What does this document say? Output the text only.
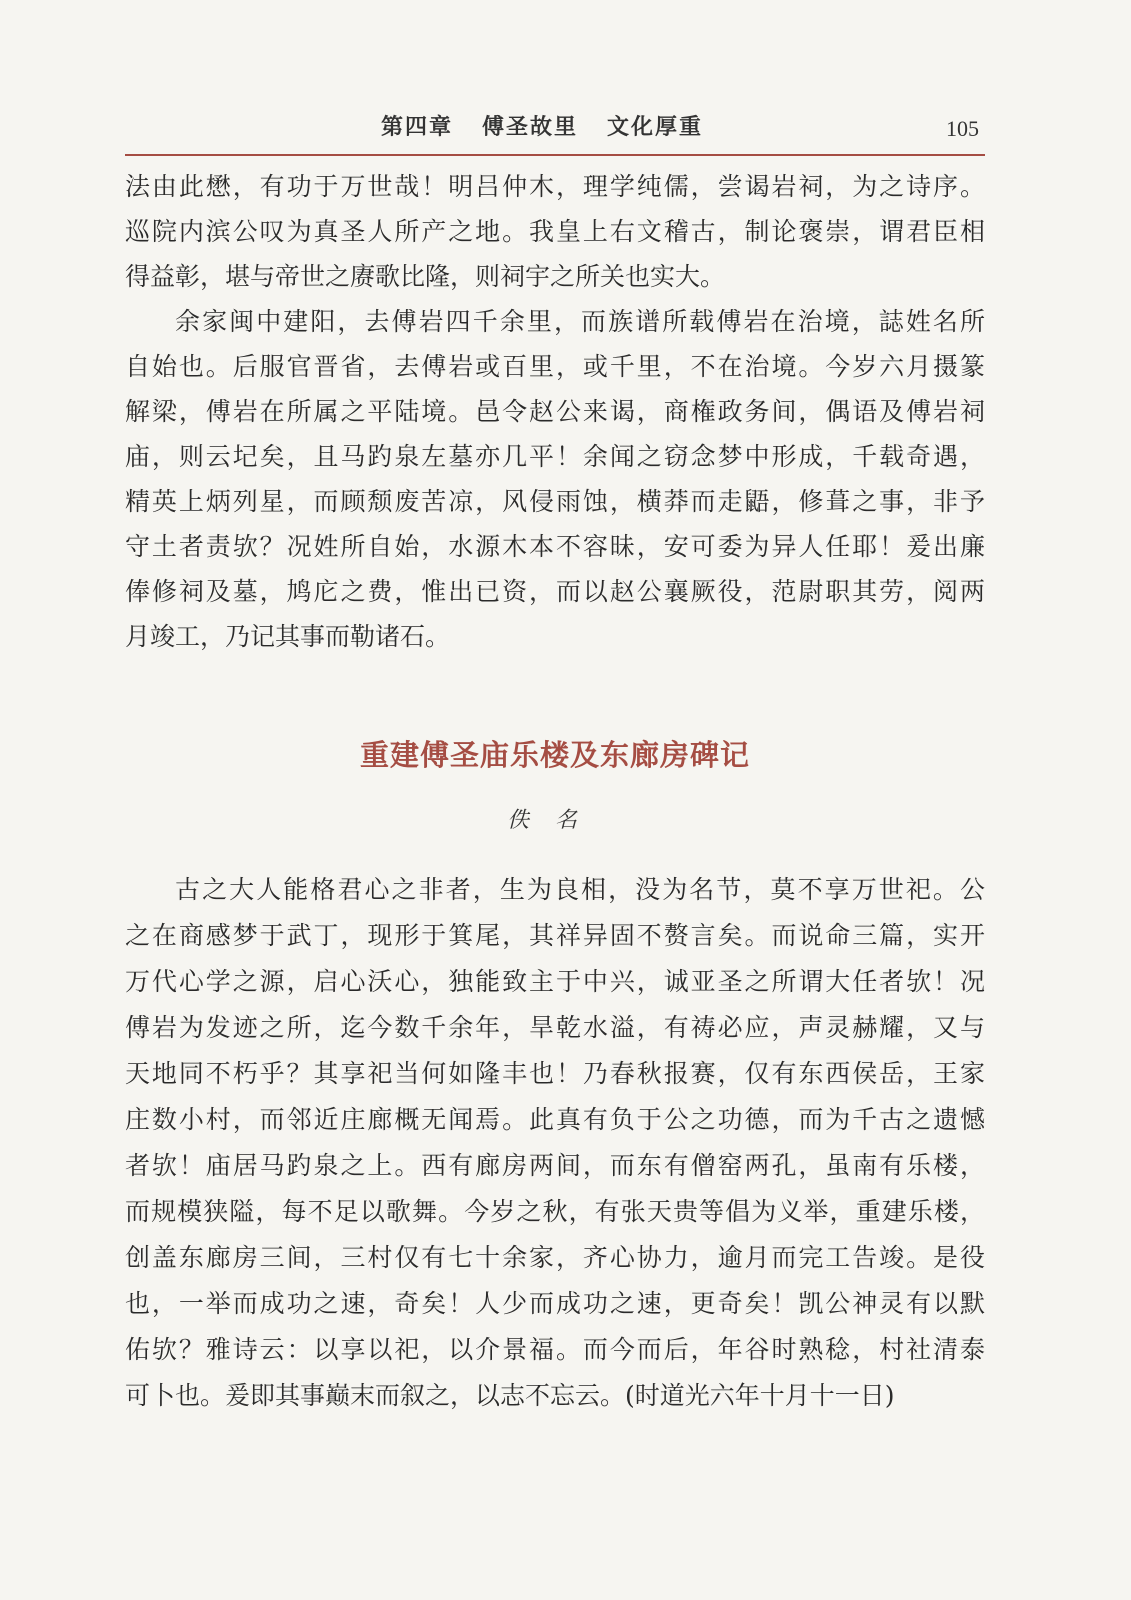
第四章   傅圣故里   文化厚重	105
法由此懋，有功于万世哉！明吕仲木，理学纯儒，尝谒岩祠，为之诗序。
巡院内滨公叹为真圣人所产之地。我皇上右文稽古，制论褒崇，谓君臣相
得益彰，堪与帝世之赓歌比隆，则祠宇之所关也实大。
余家闽中建阳，去傅岩四千余里，而族谱所载傅岩在治境，誌姓名所
自始也。后服官晋省，去傅岩或百里，或千里，不在治境。今岁六月摄篆
解梁，傅岩在所属之平陆境。邑令赵公来谒，商権政务间，偶语及傅岩祠
庙，则云圮矣，且马趵泉左墓亦几平！余闻之窃念梦中形成，千载奇遇，
精英上炳列星，而顾颓废苦凉，风侵雨蚀，横莽而走鼯，修葺之事，非予
守土者责欤？况姓所自始，水源木本不容昧，安可委为异人任耶！爰出廉
俸修祠及墓，鸠庀之费，惟出已资，而以赵公襄厥役，范尉职其劳，阅两
月竣工，乃记其事而勒诸石。
重建傅圣庙乐楼及东廊房碑记
佚名
古之大人能格君心之非者，生为良相，没为名节，莫不享万世祀。公
之在商感梦于武丁，现形于箕尾，其祥异固不赘言矣。而说命三篇，实开
万代心学之源，启心沃心，独能致主于中兴，诚亚圣之所谓大任者欤！况
傅岩为发迹之所，迄今数千余年，旱乾水溢，有祷必应，声灵赫耀，又与
天地同不朽乎？其享祀当何如隆丰也！乃春秋报赛，仅有东西侯岳，王家
庄数小村，而邻近庄廊概无闻焉。此真有负于公之功德，而为千古之遗憾
者欤！庙居马趵泉之上。西有廊房两间，而东有僧窑两孔，虽南有乐楼，
而规模狭隘，每不足以歌舞。今岁之秋，有张天贵等倡为义举，重建乐楼，
创盖东廊房三间，三村仅有七十余家，齐心协力，逾月而完工告竣。是役
也，一举而成功之速，奇矣！人少而成功之速，更奇矣！凯公神灵有以默
佑欤？雅诗云：以享以祀，以介景福。而今而后，年谷时熟稔，村社清泰
可卜也。爰即其事巅末而叙之，以志不忘云。(时道光六年十月十一日)
